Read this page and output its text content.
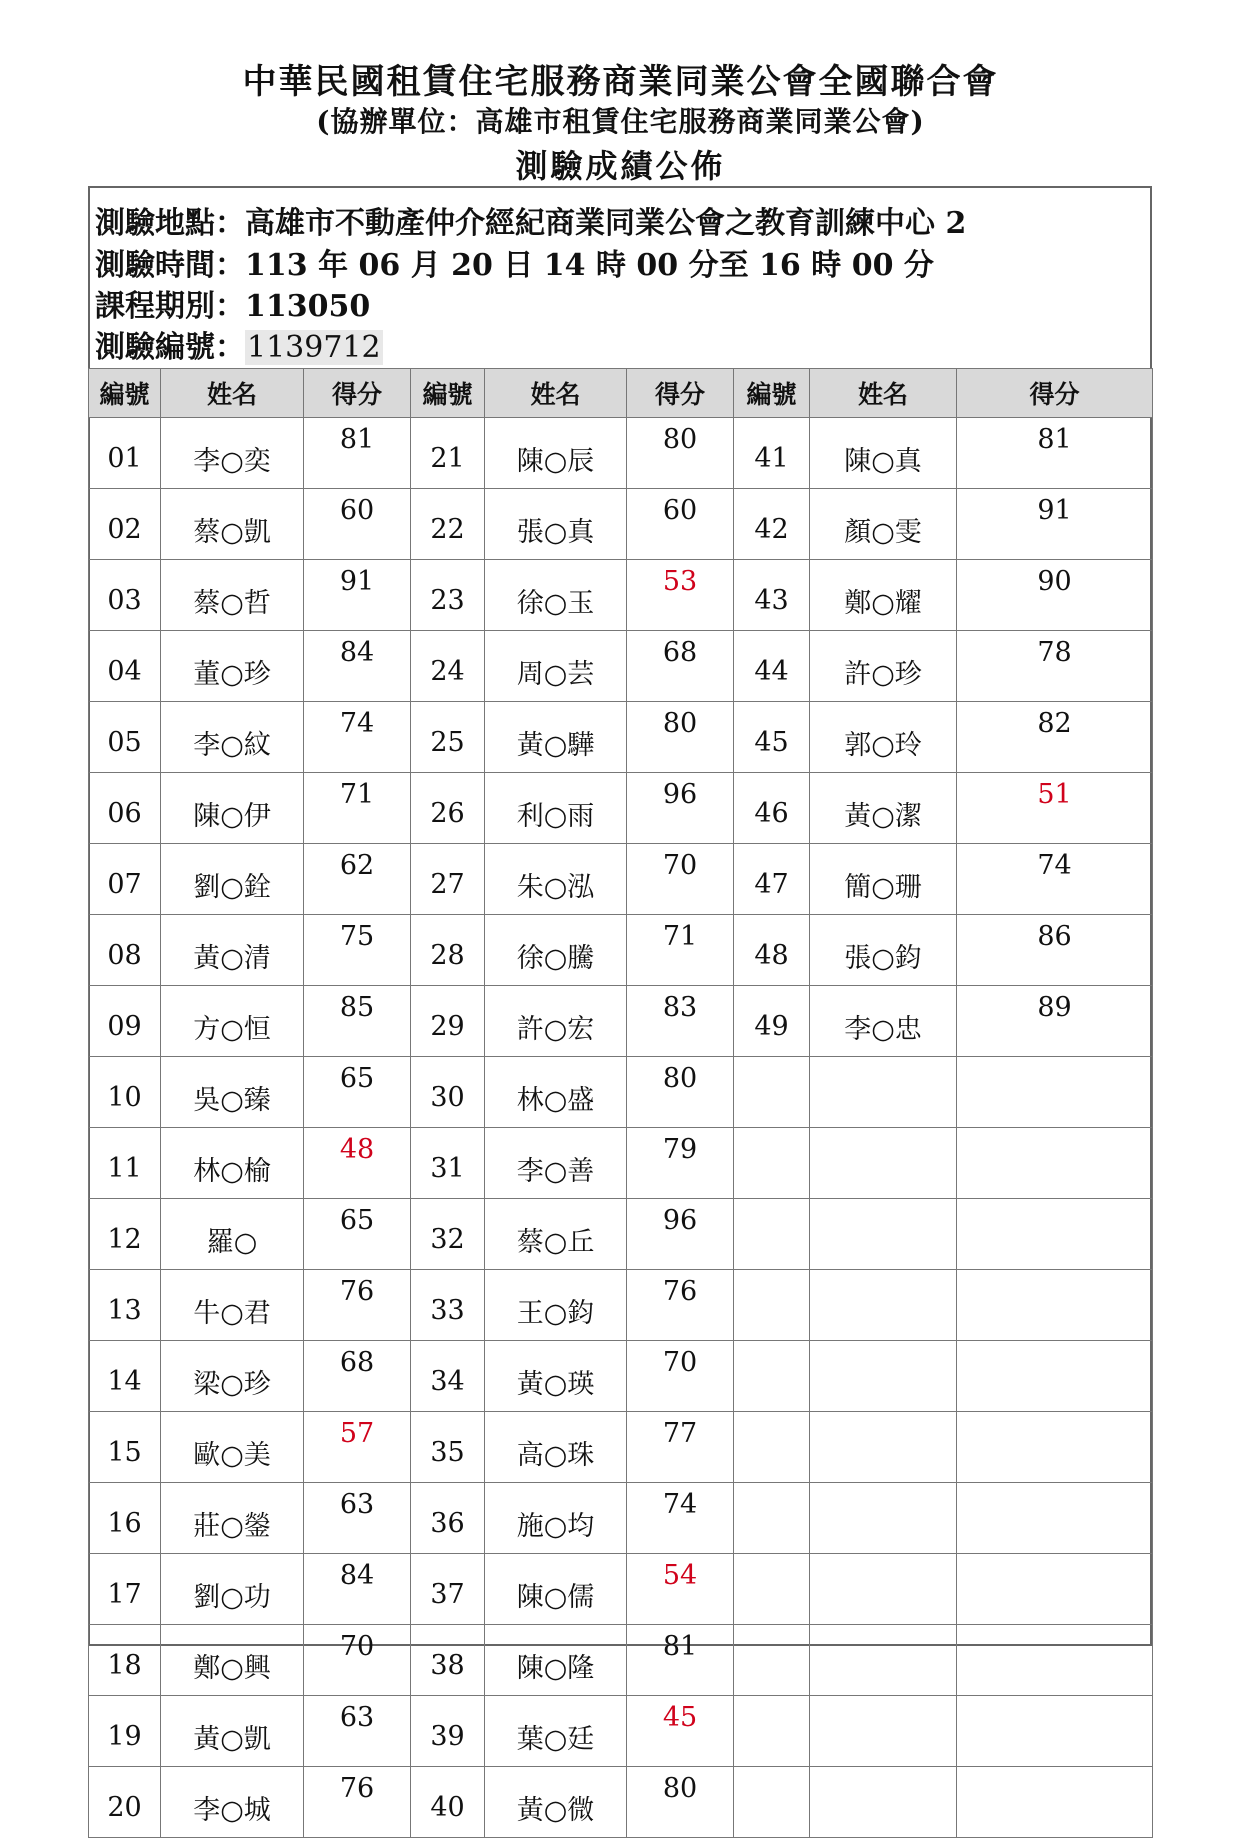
中華民國租賃住宅服務商業同業公會全國聯合會
(協辦單位：高雄市租賃住宅服務商業同業公會)
測驗成績公佈
測驗地點：高雄市不動產仲介經紀商業同業公會之教育訓練中心 2
測驗時間：113 年 06 月 20 日 14 時 00 分至 16 時 00 分
課程期別：113050
測驗編號：1139712
編號	姓名	得分	編號	姓名	得分	編號	姓名	得分
01	李○奕	81	21	陳○辰	80	41	陳○真	81
02	蔡○凱	60	22	張○真	60	42	顏○雯	91
03	蔡○哲	91	23	徐○玉	53	43	鄭○耀	90
04	董○珍	84	24	周○芸	68	44	許○珍	78
05	李○紋	74	25	黃○驊	80	45	郭○玲	82
06	陳○伊	71	26	利○雨	96	46	黃○潔	51
07	劉○銓	62	27	朱○泓	70	47	簡○珊	74
08	黃○清	75	28	徐○騰	71	48	張○鈞	86
09	方○恒	85	29	許○宏	83	49	李○忠	89
10	吳○臻	65	30	林○盛	80			
11	林○榆	48	31	李○善	79			
12	羅○	65	32	蔡○丘	96			
13	牛○君	76	33	王○鈞	76			
14	梁○珍	68	34	黃○瑛	70			
15	歐○美	57	35	高○珠	77			
16	莊○鎣	63	36	施○均	74			
17	劉○功	84	37	陳○儒	54			
18	鄭○興	70	38	陳○隆	81			
19	黃○凱	63	39	葉○廷	45			
20	李○城	76	40	黃○微	80			
